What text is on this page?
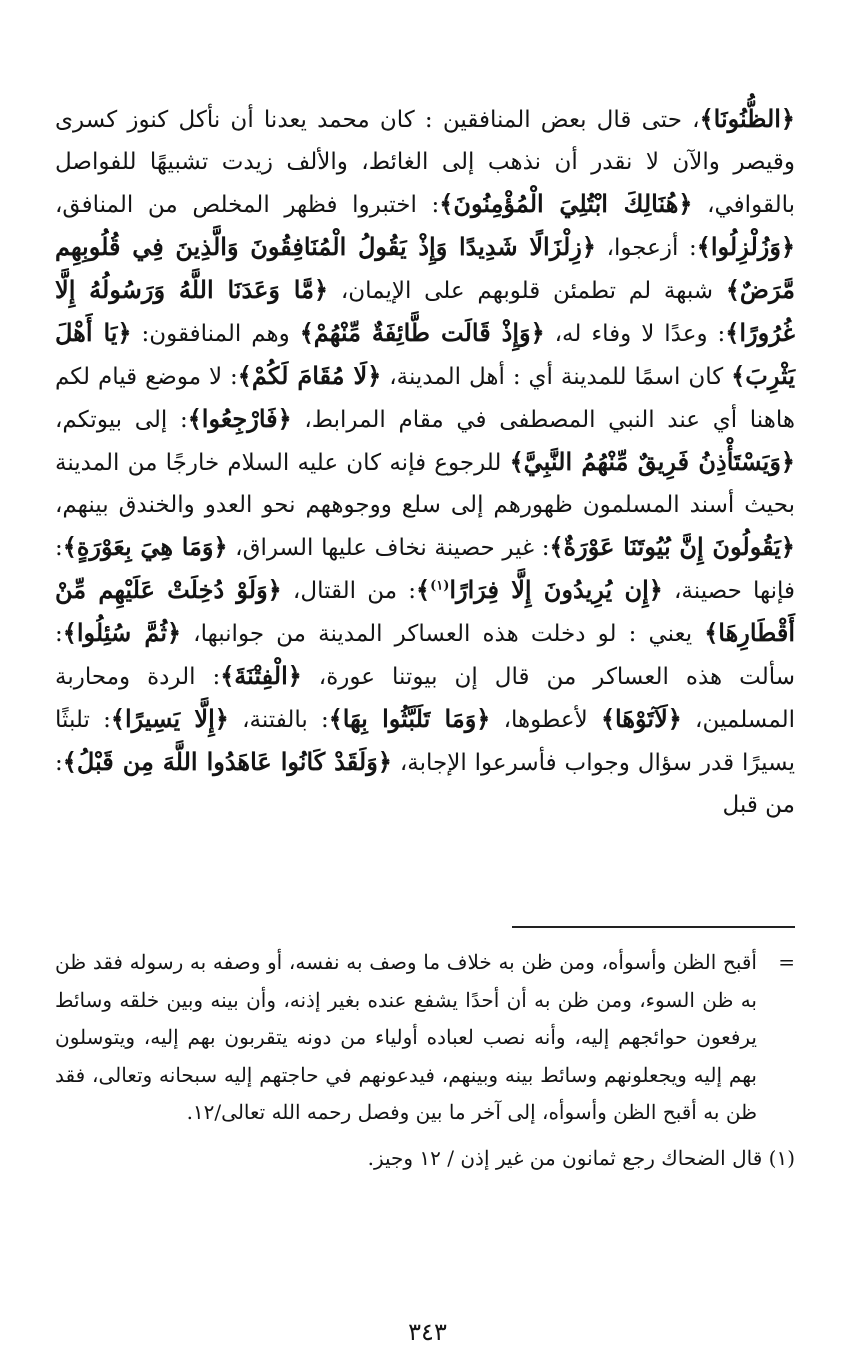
﴿الظُّنُونَا﴾، حتى قال بعض المنافقين : كان محمد يعدنا أن نأكل كنوز كسرى وقيصر والآن لا نقدر أن نذهب إلى الغائط، والألف زيدت تشبيهًا للفواصل بالقوافي، ﴿هُنَالِكَ ابْتُلِيَ الْمُؤْمِنُونَ﴾: اختبروا فظهر المخلص من المنافق، ﴿وَزُلْزِلُوا﴾: أزعجوا، ﴿زِلْزَالًا شَدِيدًا وَإِذْ يَقُولُ الْمُنَافِقُونَ وَالَّذِينَ فِي قُلُوبِهِم مَّرَضٌ﴾ شبهة لم تطمئن قلوبهم على الإيمان، ﴿مَّا وَعَدَنَا اللَّهُ وَرَسُولُهُ إِلَّا غُرُورًا﴾: وعدًا لا وفاء له، ﴿وَإِذْ قَالَت طَّائِفَةٌ مِّنْهُمْ﴾ وهم المنافقون: ﴿يَا أَهْلَ يَثْرِبَ﴾ كان اسمًا للمدينة أي : أهل المدينة، ﴿لَا مُقَامَ لَكُمْ﴾: لا موضع قيام لكم هاهنا أي عند النبي المصطفى في مقام المرابط، ﴿فَارْجِعُوا﴾: إلى بيوتكم، ﴿وَيَسْتَأْذِنُ فَرِيقٌ مِّنْهُمُ النَّبِيَّ﴾ للرجوع فإنه كان عليه السلام خارجًا من المدينة بحيث أسند المسلمون ظهورهم إلى سلع ووجوههم نحو العدو والخندق بينهم، ﴿يَقُولُونَ إِنَّ بُيُوتَنَا عَوْرَةٌ﴾: غير حصينة نخاف عليها السراق، ﴿وَمَا هِيَ بِعَوْرَةٍ﴾: فإنها حصينة، ﴿إِن يُرِيدُونَ إِلَّا فِرَارًا$^{(١)}$﴾: من القتال، ﴿وَلَوْ دُخِلَتْ عَلَيْهِم مِّنْ أَقْطَارِهَا﴾ يعني : لو دخلت هذه العساكر المدينة من جوانبها، ﴿ثُمَّ سُئِلُوا﴾: سألت هذه العساكر من قال إن بيوتنا عورة، ﴿الْفِتْنَةَ﴾: الردة ومحاربة المسلمين، ﴿لَآتَوْهَا﴾ لأعطوها، ﴿وَمَا تَلَبَّثُوا بِهَا﴾: بالفتنة، ﴿إِلَّا يَسِيرًا﴾: تلبثًا يسيرًا قدر سؤال وجواب فأسرعوا الإجابة، ﴿وَلَقَدْ كَانُوا عَاهَدُوا اللَّهَ مِن قَبْلُ﴾: من قبل

=
أقبح الظن وأسوأه، ومن ظن به خلاف ما وصف به نفسه، أو وصفه به رسوله فقد ظن به ظن السوء، ومن ظن به أن أحدًا يشفع عنده بغير إذنه، وأن بينه وبين خلقه وسائط يرفعون حوائجهم إليه، وأنه نصب لعباده أولياء من دونه يتقربون بهم إليه، ويتوسلون بهم إليه ويجعلونهم وسائط بينه وبينهم، فيدعونهم في حاجتهم إليه سبحانه وتعالى، فقد ظن به أقبح الظن وأسوأه، إلى آخر ما بين وفصل رحمه الله تعالى/١٢.
(١) قال الضحاك رجع ثمانون من غير إذن / ١٢ وجيز.
٣٤٣
